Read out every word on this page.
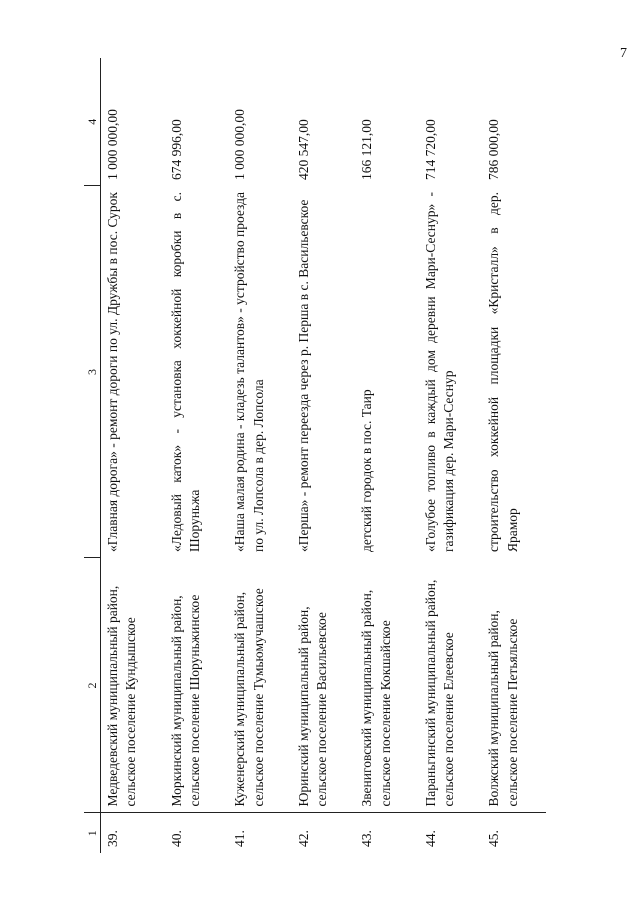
7
1	2	3	4
39.	Медведевский муниципальный район, сельское поселение Кундышское	«Главная дорога» - ремонт дороги по ул. Дружбы в пос. Сурок	1 000 000,00
40.	Моркинский муниципальный район, сельское поселение Шоруньжинское	«Ледовый каток» - установка хоккейной коробки в с. Шоруньжа	674 996,00
41.	Куженерский муниципальный район, сельское поселение Тумьюмучашское	«Наша малая родина - кладезь талантов» - устройство проезда по ул. Лопсола в дер. Лопсола	1 000 000,00
42.	Юринский муниципальный район, сельское поселение Васильевское	«Перша» - ремонт переезда через р. Перша в с. Васильевское	420 547,00
43.	Звениговский муниципальный район, сельское поселение Кокшайское	детский городок в пос. Таир	166 121,00
44.	Параньгинский муниципальный район, сельское поселение Елеевское	«Голубое топливо в каждый дом деревни Мари-Сеснур» - газификация дер. Мари-Сеснур	714 720,00
45.	Волжский муниципальный район, сельское поселение Петьяльское	строительство хоккейной площадки «Кристалл» в дер. Ярамор	786 000,00
